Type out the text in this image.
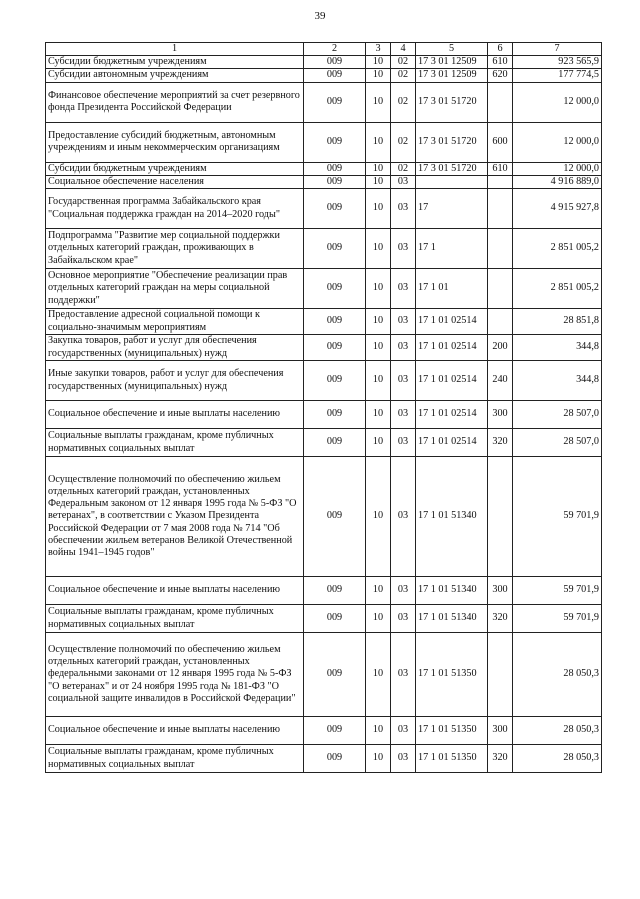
39
1	2	3	4	5	6	7
Субсидии бюджетным учреждениям	009	10	02	17 3 01 12509	610	923 565,9
Субсидии автономным учреждениям	009	10	02	17 3 01 12509	620	177 774,5
Финансовое обеспечение мероприятий за счет резервного фонда Президента Российской Федерации	009	10	02	17 3 01 51720		12 000,0
Предоставление субсидий бюджетным, автономным учреждениям и иным некоммерческим организациям	009	10	02	17 3 01 51720	600	12 000,0
Субсидии бюджетным учреждениям	009	10	02	17 3 01 51720	610	12 000,0
Социальное обеспечение населения	009	10	03			4 916 889,0
Государственная программа Забайкальского края "Социальная поддержка граждан на 2014–2020 годы"	009	10	03	17		4 915 927,8
Подпрограмма "Развитие мер социальной поддержки отдельных категорий граждан, проживающих в Забайкальском крае"	009	10	03	17 1		2 851 005,2
Основное мероприятие "Обеспечение реализации прав отдельных категорий граждан на меры социальной поддержки"	009	10	03	17 1 01		2 851 005,2
Предоставление адресной социальной помощи к социально-значимым мероприятиям	009	10	03	17 1 01 02514		28 851,8
Закупка товаров, работ и услуг для обеспечения государственных (муниципальных) нужд	009	10	03	17 1 01 02514	200	344,8
Иные закупки товаров, работ и услуг для обеспечения государственных (муниципальных) нужд	009	10	03	17 1 01 02514	240	344,8
Социальное обеспечение и иные выплаты населению	009	10	03	17 1 01 02514	300	28 507,0
Социальные выплаты гражданам, кроме публичных нормативных социальных выплат	009	10	03	17 1 01 02514	320	28 507,0
Осуществление полномочий по обеспечению жильем отдельных категорий граждан, установленных Федеральным законом от 12 января 1995 года № 5-ФЗ "О ветеранах", в соответствии с Указом Президента Российской Федерации от 7 мая 2008 года № 714 "Об обеспечении жильем ветеранов Великой Отечественной войны 1941–1945 годов"	009	10	03	17 1 01 51340		59 701,9
Социальное обеспечение и иные выплаты населению	009	10	03	17 1 01 51340	300	59 701,9
Социальные выплаты гражданам, кроме публичных нормативных социальных выплат	009	10	03	17 1 01 51340	320	59 701,9
Осуществление полномочий по обеспечению жильем отдельных категорий граждан, установленных федеральными законами от 12 января 1995 года № 5-ФЗ "О ветеранах" и от 24 ноября 1995 года № 181-ФЗ "О социальной защите инвалидов в Российской Федерации"	009	10	03	17 1 01 51350		28 050,3
Социальное обеспечение и иные выплаты населению	009	10	03	17 1 01 51350	300	28 050,3
Социальные выплаты гражданам, кроме публичных нормативных социальных выплат	009	10	03	17 1 01 51350	320	28 050,3
